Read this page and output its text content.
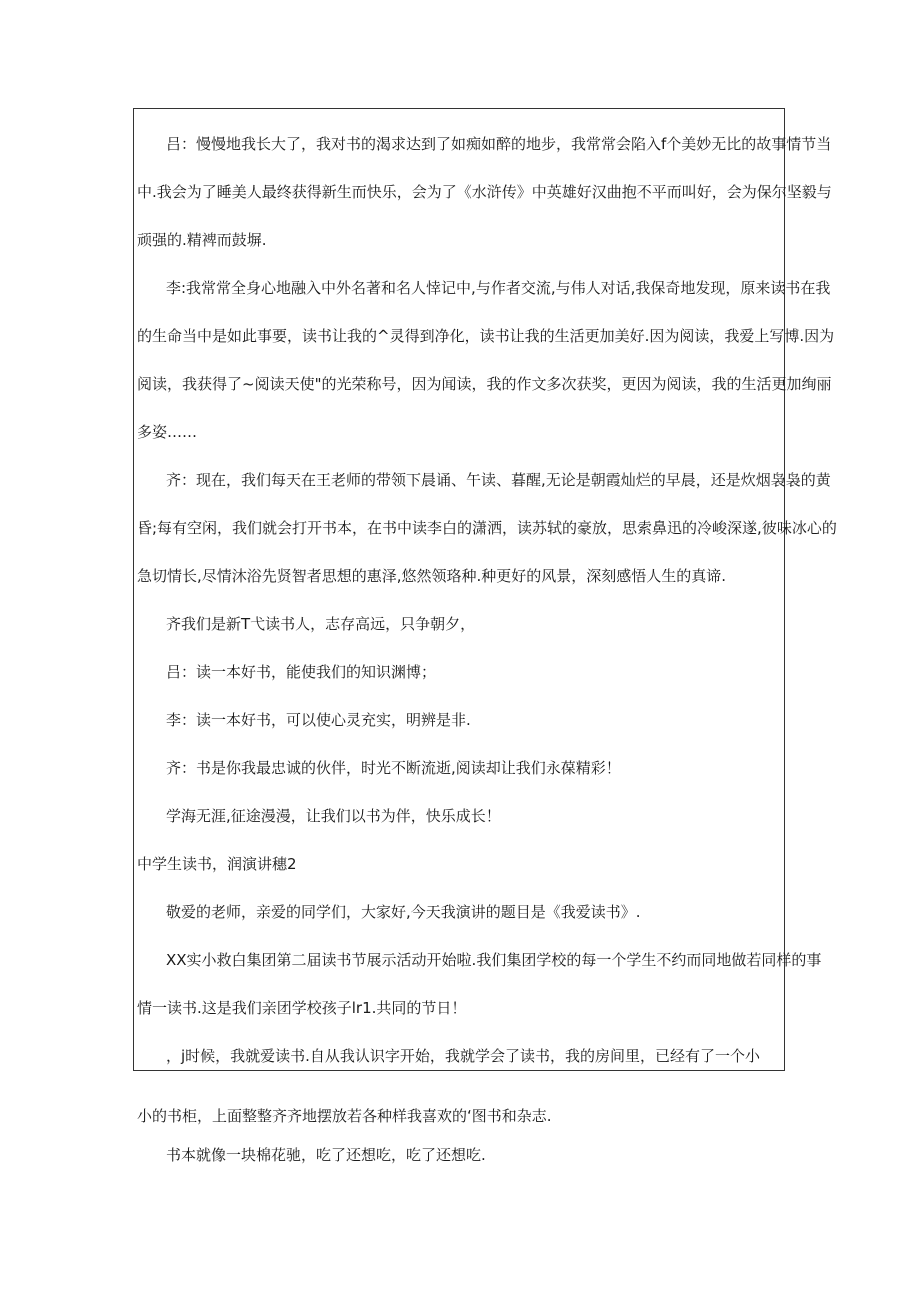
吕：慢慢地我长大了，我对书的渴求达到了如痴如醉的地步，我常常会陷入f个美妙无比的故事情节当
中.我会为了睡美人最终获得新生而快乐，会为了《水浒传》中英雄好汉曲抱不平而叫好，会为保尔坚毅与
顽强的.精裨而鼓塀.
李:我常常全身心地融入中外名著和名人悻记中,与作者交流,与伟人对话,我保奇地发现，原来读书在我
的生命当中是如此事要，读书让我的^灵得到净化，读书让我的生活更加美好.因为阅读，我爱上写博.因为
阅读，我获得了~阅读天使"的光荣称号，因为闻读，我的作文多次获奖，更因为阅读，我的生活更加绚丽
多姿……
齐：现在，我们每天在王老师的带领下晨诵、午读、暮醒,无论是朝霞灿烂的早晨，还是炊烟袅袅的黄
昏;每有空闲，我们就会打开书本，在书中读李白的潇洒，读苏轼的豪放，思索鼻迅的冷峻深遂,彼味冰心的
急切情长,尽情沐浴先贤智者思想的惠泽,悠然领珞种.种更好的风景，深刻感悟人生的真谛.
齐我们是新T弋读书人，志存高远，只争朝夕，
吕：读一本好书，能使我们的知识渊博；
李：读一本好书，可以使心灵充实，明辨是非.
齐：书是你我最忠诚的伙伴，时光不断流逝,阅读却让我们永葆精彩！
学海无涯,征途漫漫，让我们以书为伴，快乐成长！
中学生读书，润演讲穗2
敬爱的老师，亲爱的同学们，大家好,今天我演讲的题目是《我爱读书》.
XX实小救白集团第二届读书节展示活动开始啦.我们集团学校的每一个学生不约而同地做若同样的事
情一读书.这是我们亲团学校孩子lr1.共同的节日！
，j时候，我就爱读书.自从我认识字开始，我就学会了读书，我的房间里，已经有了一个小
小的书柜，上面整整齐齐地摆放若各种样我喜欢的‘图书和杂志.
书本就像一块棉花驰，吃了还想吃，吃了还想吃.
